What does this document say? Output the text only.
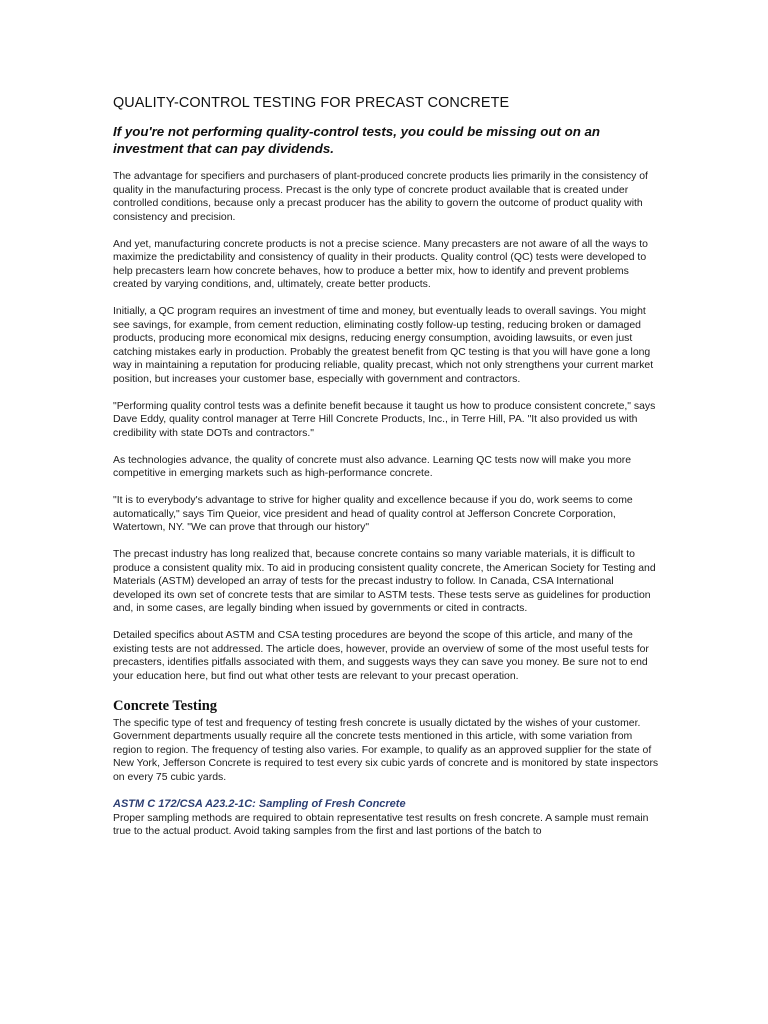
QUALITY-CONTROL TESTING FOR PRECAST CONCRETE

If you're not performing quality-control tests, you could be missing out on an investment that can pay dividends.

The advantage for specifiers and purchasers of plant-produced concrete products lies primarily in the consistency of quality in the manufacturing process. Precast is the only type of concrete product available that is created under controlled conditions, because only a precast producer has the ability to govern the outcome of product quality with consistency and precision.

And yet, manufacturing concrete products is not a precise science. Many precasters are not aware of all the ways to maximize the predictability and consistency of quality in their products. Quality control (QC) tests were developed to help precasters learn how concrete behaves, how to produce a better mix, how to identify and prevent problems created by varying conditions, and, ultimately, create better products.

Initially, a QC program requires an investment of time and money, but eventually leads to overall savings. You might see savings, for example, from cement reduction, eliminating costly follow-up testing, reducing broken or damaged products, producing more economical mix designs, reducing energy consumption, avoiding lawsuits, or even just catching mistakes early in production. Probably the greatest benefit from QC testing is that you will have gone a long way in maintaining a reputation for producing reliable, quality precast, which not only strengthens your current market position, but increases your customer base, especially with government and contractors.

"Performing quality control tests was a definite benefit because it taught us how to produce consistent concrete," says Dave Eddy, quality control manager at Terre Hill Concrete Products, Inc., in Terre Hill, PA. "It also provided us with credibility with state DOTs and contractors."

As technologies advance, the quality of concrete must also advance. Learning QC tests now will make you more competitive in emerging markets such as high-performance concrete.

"It is to everybody's advantage to strive for higher quality and excellence because if you do, work seems to come automatically," says Tim Queior, vice president and head of quality control at Jefferson Concrete Corporation, Watertown, NY. "We can prove that through our history"

The precast industry has long realized that, because concrete contains so many variable materials, it is difficult to produce a consistent quality mix. To aid in producing consistent quality concrete, the American Society for Testing and Materials (ASTM) developed an array of tests for the precast industry to follow. In Canada, CSA International developed its own set of concrete tests that are similar to ASTM tests. These tests serve as guidelines for production and, in some cases, are legally binding when issued by governments or cited in contracts.

Detailed specifics about ASTM and CSA testing procedures are beyond the scope of this article, and many of the existing tests are not addressed. The article does, however, provide an overview of some of the most useful tests for precasters, identifies pitfalls associated with them, and suggests ways they can save you money. Be sure not to end your education here, but find out what other tests are relevant to your precast operation.

Concrete Testing

The specific type of test and frequency of testing fresh concrete is usually dictated by the wishes of your customer. Government departments usually require all the concrete tests mentioned in this article, with some variation from region to region. The frequency of testing also varies. For example, to qualify as an approved supplier for the state of New York, Jefferson Concrete is required to test every six cubic yards of concrete and is monitored by state inspectors on every 75 cubic yards.

ASTM C 172/CSA A23.2-1C: Sampling of Fresh Concrete

Proper sampling methods are required to obtain representative test results on fresh concrete. A sample must remain true to the actual product. Avoid taking samples from the first and last portions of the batch to
